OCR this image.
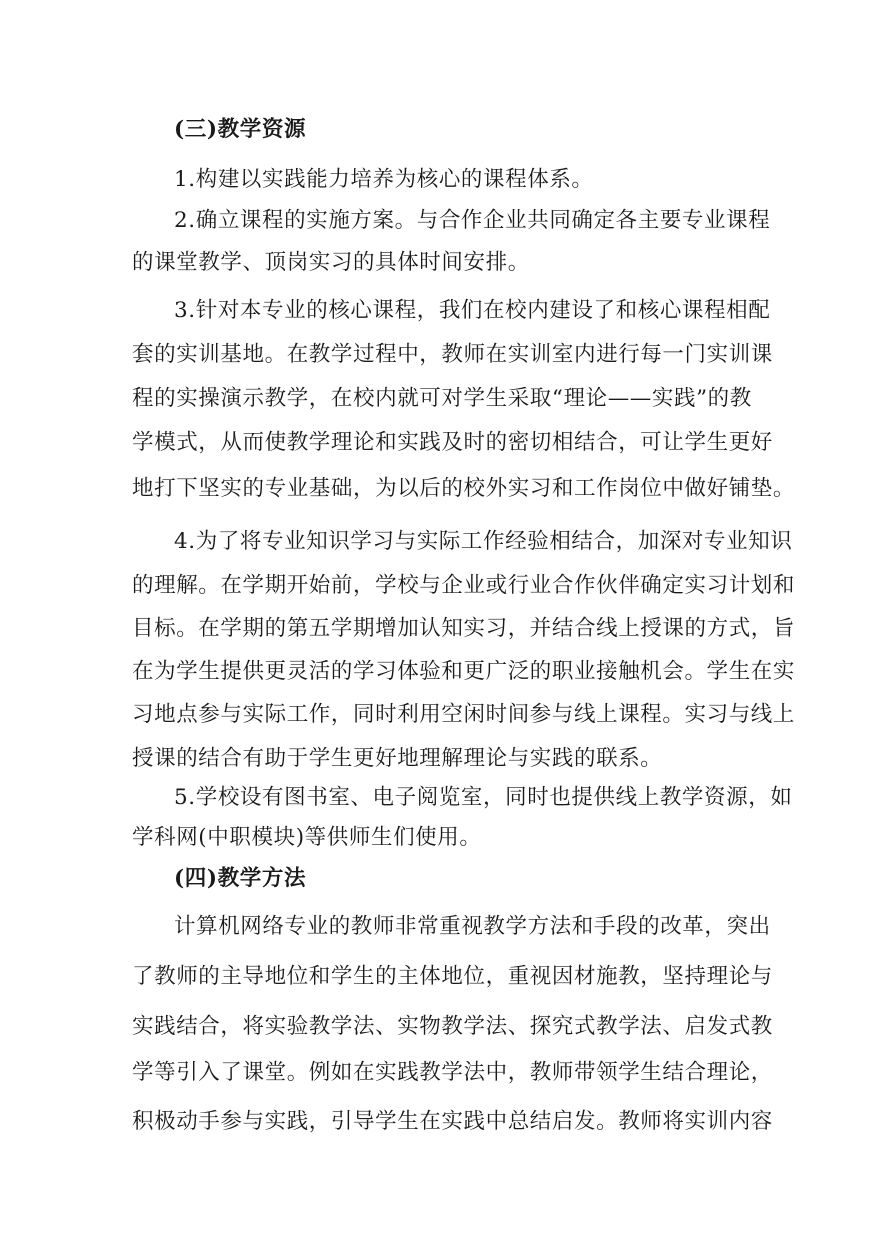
(三)教学资源
1.构建以实践能力培养为核心的课程体系。
2.确立课程的实施方案。与合作企业共同确定各主要专业课程
的课堂教学、顶岗实习的具体时间安排。
3.针对本专业的核心课程，我们在校内建设了和核心课程相配
套的实训基地。在教学过程中，教师在实训室内进行每一门实训课
程的实操演示教学，在校内就可对学生采取“理论——实践”的教
学模式，从而使教学理论和实践及时的密切相结合，可让学生更好
地打下坚实的专业基础，为以后的校外实习和工作岗位中做好铺垫。
4.为了将专业知识学习与实际工作经验相结合，加深对专业知识
的理解。在学期开始前，学校与企业或行业合作伙伴确定实习计划和
目标。在学期的第五学期增加认知实习，并结合线上授课的方式，旨
在为学生提供更灵活的学习体验和更广泛的职业接触机会。学生在实
习地点参与实际工作，同时利用空闲时间参与线上课程。实习与线上
授课的结合有助于学生更好地理解理论与实践的联系。
5.学校设有图书室、电子阅览室，同时也提供线上教学资源，如
学科网(中职模块)等供师生们使用。
(四)教学方法
计算机网络专业的教师非常重视教学方法和手段的改革，突出
了教师的主导地位和学生的主体地位，重视因材施教，坚持理论与
实践结合，将实验教学法、实物教学法、探究式教学法、启发式教
学等引入了课堂。例如在实践教学法中，教师带领学生结合理论，
积极动手参与实践，引导学生在实践中总结启发。教师将实训内容
